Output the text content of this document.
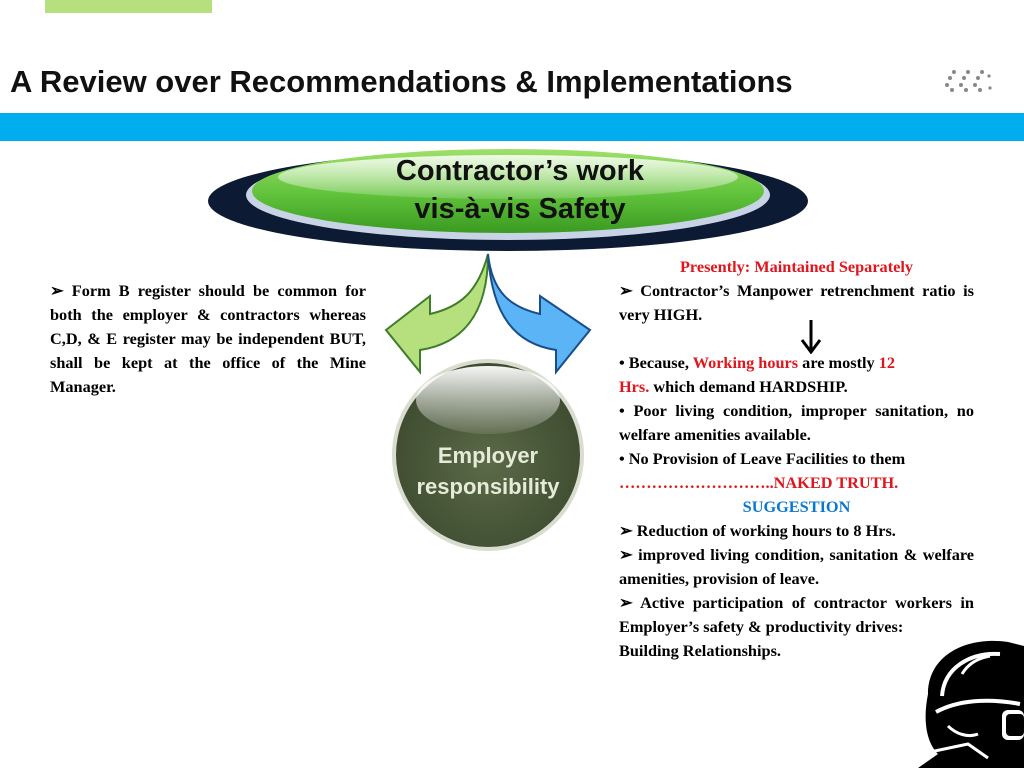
A Review over Recommendations & Implementations
Contractor’s work
vis-à-vis Safety
Employer
responsibility
➢ Form B register should be common for both the employer & contractors whereas C,D, & E register may be independent BUT, shall be kept at the office of the Mine Manager.

Presently: Maintained Separately

➢ Contractor’s Manpower retrenchment ratio is very HIGH.

• Because, Working hours are mostly 12
Hrs. which demand HARDSHIP.

• Poor living condition, improper sanitation, no welfare amenities available.

• No Provision of Leave Facilities to them

………………………..NAKED TRUTH.

SUGGESTION

➢ Reduction of working hours to 8 Hrs.

➢ improved living condition, sanitation & welfare amenities, provision of leave.

➢ Active participation of contractor workers in Employer’s safety & productivity drives:

Building Relationships.
